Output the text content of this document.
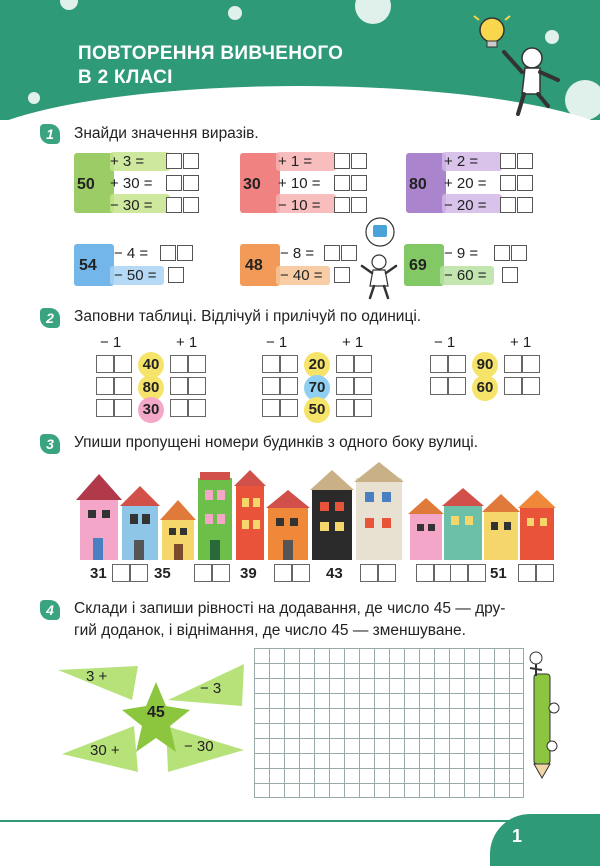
ПОВТОРЕННЯ ВИВЧЕНОГО
В 2 КЛАСІ
1	Знайди значення виразів.
50
+ 3 =
+ 30 =
− 30 =
30
+ 1 =
+ 10 =
− 10 =
80
+ 2 =
+ 20 =
− 20 =
54
− 4 =
− 50 =
48
− 8 =
− 40 =
69
− 9 =
− 60 =
2	Заповни таблиці. Відлічуй і прилічуй по одиниці.
− 1	+ 1
40
80
30
− 1	+ 1
20
70
50
− 1	+ 1
90
60
3	Упиши пропущені номери будинків з одного боку вулиці.
31	35	39	43	51
4	Склади і запиши рівності на додавання, де число 45 — дру-
гий доданок, і віднімання, де число 45 — зменшуване.
3 +
− 3
30 +	− 30
45
1
